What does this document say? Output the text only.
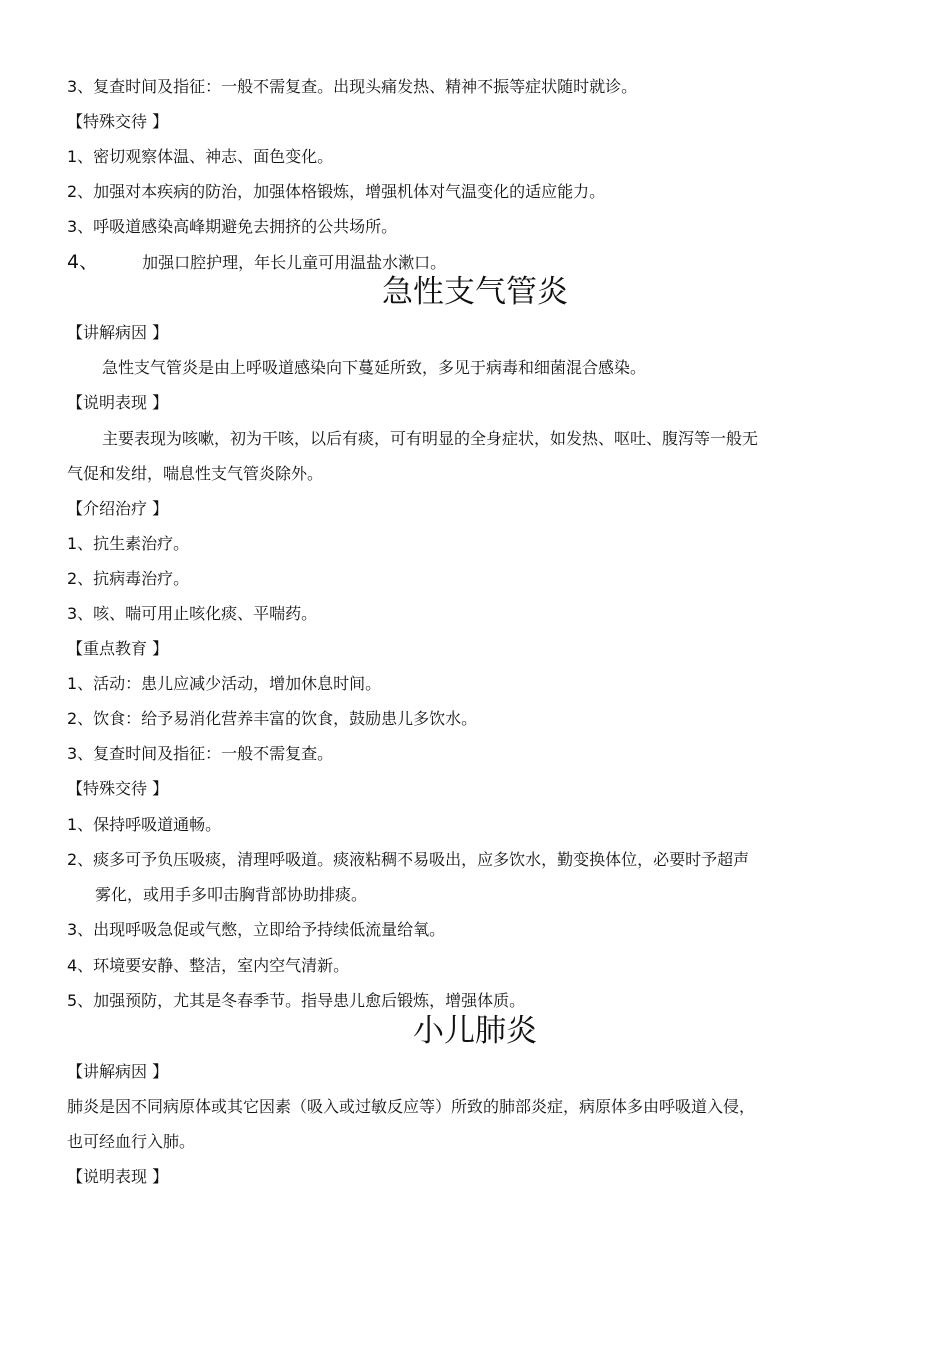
3、复查时间及指征：一般不需复查。出现头痛发热、精神不振等症状随时就诊。
【特殊交待 】
1、密切观察体温、神志、面色变化。
2、加强对本疾病的防治，加强体格锻炼，增强机体对气温变化的适应能力。
3、呼吸道感染高峰期避免去拥挤的公共场所。
4、	加强口腔护理，年长儿童可用温盐水漱口。
急性支气管炎
【讲解病因 】
急性支气管炎是由上呼吸道感染向下蔓延所致，多见于病毒和细菌混合感染。
【说明表现 】
主要表现为咳嗽，初为干咳，以后有痰，可有明显的全身症状，如发热、呕吐、腹泻等一般无
气促和发绀，喘息性支气管炎除外。
【介绍治疗 】
1、抗生素治疗。
2、抗病毒治疗。
3、咳、喘可用止咳化痰、平喘药。
【重点教育 】
1、活动：患儿应减少活动，增加休息时间。
2、饮食：给予易消化营养丰富的饮食，鼓励患儿多饮水。
3、复查时间及指征：一般不需复查。
【特殊交待 】
1、保持呼吸道通畅。
2、痰多可予负压吸痰，清理呼吸道。痰液粘稠不易吸出，应多饮水，勤变换体位，必要时予超声
雾化，或用手多叩击胸背部协助排痰。
3、出现呼吸急促或气憋，立即给予持续低流量给氧。
4、环境要安静、整洁，室内空气清新。
5、加强预防，尤其是冬春季节。指导患儿愈后锻炼，增强体质。
小儿肺炎
【讲解病因 】
肺炎是因不同病原体或其它因素（吸入或过敏反应等）所致的肺部炎症，病原体多由呼吸道入侵，
也可经血行入肺。
【说明表现 】
